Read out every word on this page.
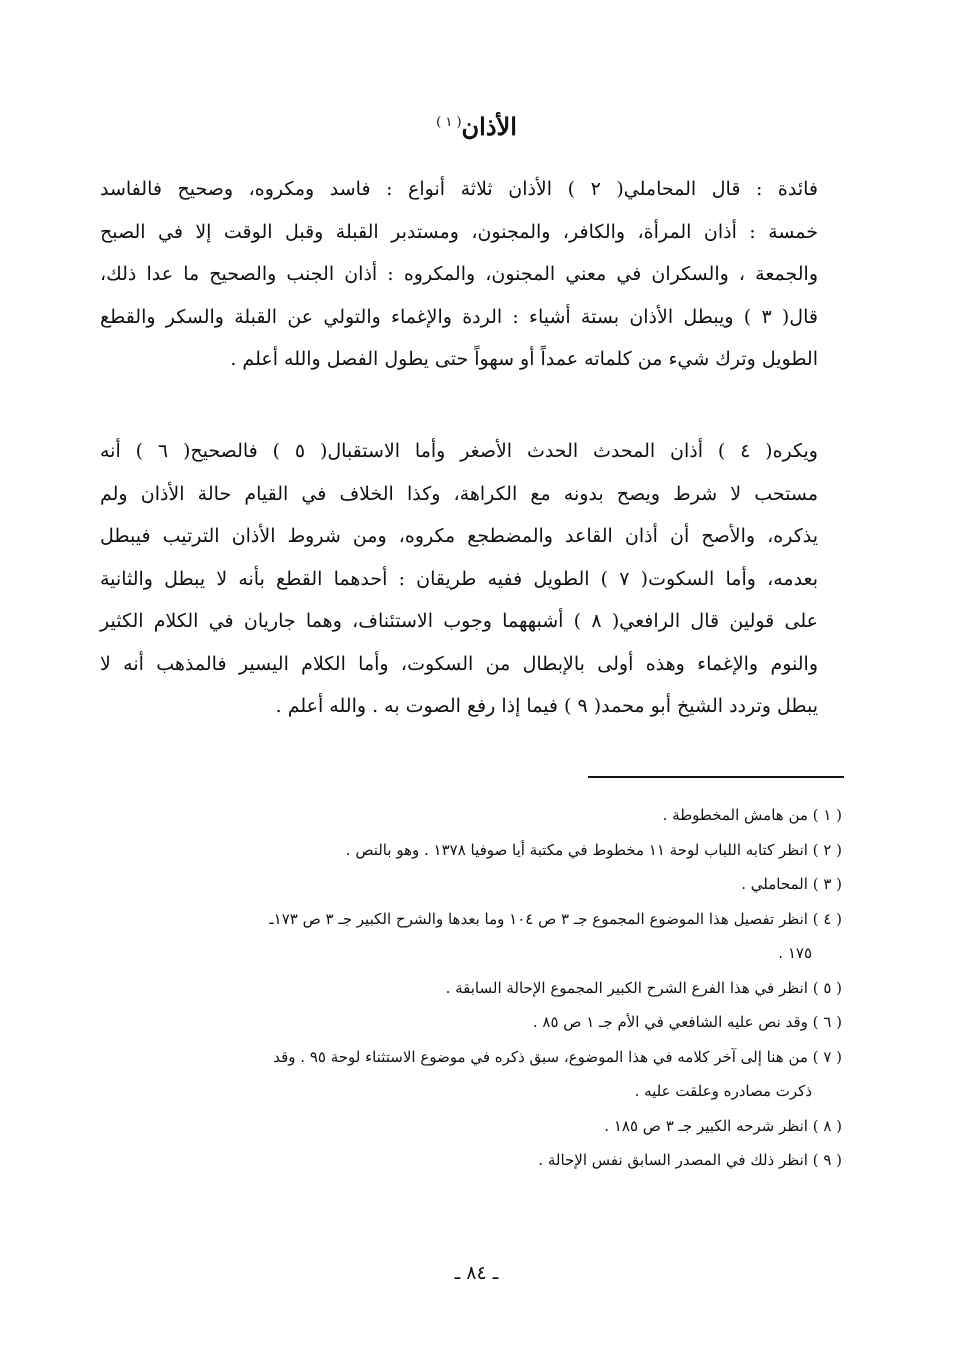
الأذان$^{( ١ )}$
فائدة : قال المحاملي( ٢ ) الأذان ثلاثة أنواع : فاسد ومكروه، وصحيح فالفاسد
خمسة : أذان المرأة، والكافر، والمجنون، ومستدبر القبلة وقبل الوقت إلا في الصبح
والجمعة ، والسكران في معني المجنون، والمكروه : أذان الجنب والصحيح ما عدا ذلك،
قال( ٣ ) ويبطل الأذان بستة أشياء : الردة والإغماء والتولي عن القبلة والسكر والقطع
الطويل وترك شيء من كلماته عمداً أو سهواً حتى يطول الفصل والله أعلم .
ويكره( ٤ ) أذان المحدث الحدث الأصغر وأما الاستقبال( ٥ ) فالصحيح( ٦ ) أنه
مستحب لا شرط ويصح بدونه مع الكراهة، وكذا الخلاف في القيام حالة الأذان ولم
يذكره، والأصح أن أذان القاعد والمضطجع مكروه، ومن شروط الأذان الترتيب فيبطل
بعدمه، وأما السكوت( ٧ ) الطويل ففيه طريقان : أحدهما القطع بأنه لا يبطل والثانية
على قولين قال الرافعي( ٨ ) أشبههما وجوب الاستئناف، وهما جاريان في الكلام الكثير
والنوم والإغماء وهذه أولى بالإبطال من السكوت، وأما الكلام اليسير فالمذهب أنه لا
يبطل وتردد الشيخ أبو محمد( ٩ ) فيما إذا رفع الصوت به . والله أعلم .
( ١ ) من هامش المخطوطة .
( ٢ ) انظر كتابه اللباب لوحة ١١ مخطوط في مكتبة أيا صوفيا ١٣٧٨ . وهو بالنص .
( ٣ ) المحاملي .
( ٤ ) انظر تفصيل هذا الموضوع المجموع جـ ٣ ص ١٠٤ وما بعدها والشرح الكبير جـ ٣ ص ١٧٣ـ
١٧٥ .
( ٥ ) انظر في هذا الفرع الشرح الكبير المجموع الإحالة السابقة .
( ٦ ) وقد نص عليه الشافعي في الأم جـ ١ ص ٨٥ .
( ٧ ) من هنا إلى آخر كلامه في هذا الموضوع، سبق ذكره في موضوع الاستثناء لوحة ٩٥ . وقد
ذكرت مصادره وعلقت عليه .
( ٨ ) انظر شرحه الكبير جـ ٣ ص ١٨٥ .
( ٩ ) انظر ذلك في المصدر السابق نفس الإحالة .
ـ ٨٤ ـ
